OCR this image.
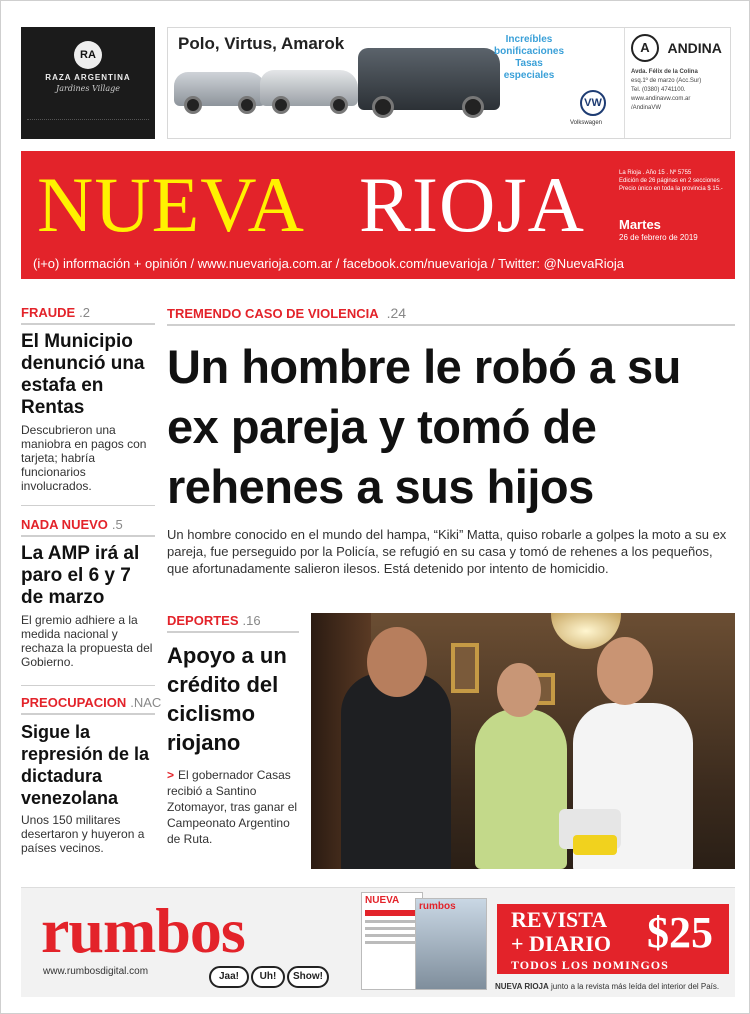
RA
RAZA ARGENTINA
Jardines Village
Polo, Virtus, Amarok	Increíbles bonificaciones Tasas especiales
VW
Volkswagen
A ANDINA
Avda. Félix de la Colina
esq.1º de marzo (Acc.Sur)
Tel. (0380) 4741100.
www.andinavw.com.ar
/AndinaVW
NUEVA RIOJA	La Rioja . Año 15 . Nº 5755
Edición de 26 páginas en 2 secciones
Precio único en toda la provincia $ 15.-
Martes
26 de febrero de 2019
(i+o) información + opinión / www.nuevarioja.com.ar / facebook.com/nuevarioja / Twitter: @NuevaRioja
FRAUDE .2
El Municipio denunció una estafa en Rentas
Descubrieron una maniobra en pagos con tarjeta; habría funcionarios involucrados.
NADA NUEVO .5
La AMP irá al paro el 6 y 7 de marzo
El gremio adhiere a la medida nacional y rechaza la propuesta del Gobierno.
PREOCUPACION .NAC
Sigue la represión de la dictadura venezolana
Unos 150 militares desertaron y huyeron a países vecinos.
TREMENDO CASO DE VIOLENCIA .24
Un hombre le robó a su ex pareja y tomó de rehenes a sus hijos
Un hombre conocido en el mundo del hampa, “Kiki” Matta, quiso robarle a golpes la moto a su ex pareja, fue perseguido por la Policía, se refugió en su casa y tomó de rehenes a los pequeños, que afortunadamente salieron ilesos. Está detenido por intento de homicidio.
DEPORTES .16
Apoyo a un crédito del ciclismo riojano
> El gobernador Casas recibió a Santino Zotomayor, tras ganar el Campeonato Argentino de Ruta.
rumbos
www.rumbosdigital.com	Jaa!	Uh!	Show!
NUEVA
rumbos
REVISTA
+ DIARIO $25
TODOS LOS DOMINGOS
NUEVA RIOJA junto a la revista más leída del interior del País.
